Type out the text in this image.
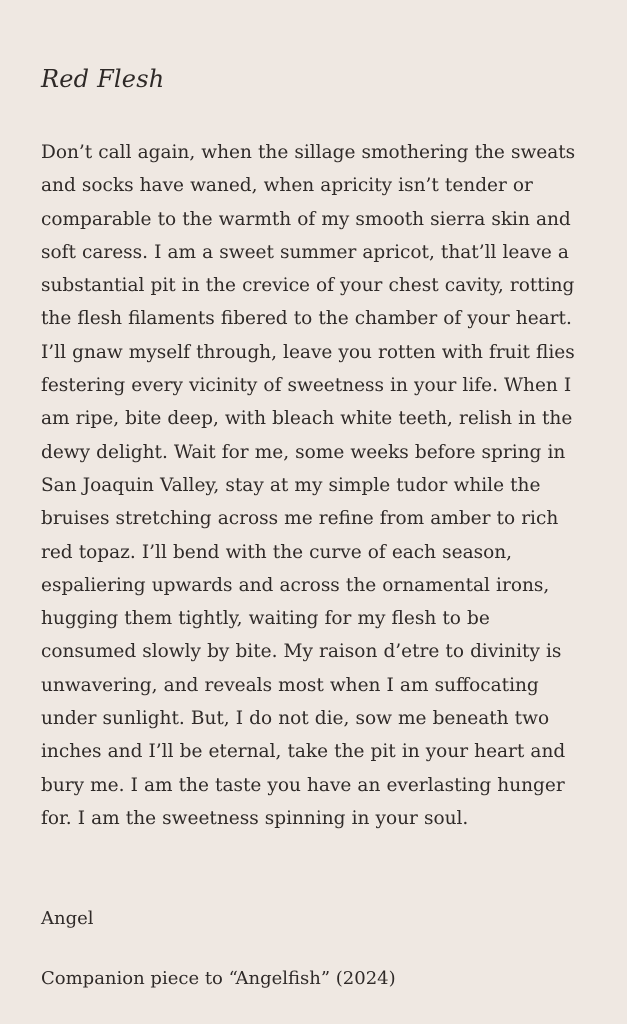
Red Flesh

Don’t call again, when the sillage smothering the sweats and socks have waned, when apricity isn’t tender or comparable to the warmth of my smooth sierra skin and soft caress. I am a sweet summer apricot, that’ll leave a substantial pit in the crevice of your chest cavity, rotting the flesh filaments fibered to the chamber of your heart. I’ll gnaw myself through, leave you rotten with fruit flies festering every vicinity of sweetness in your life. When I am ripe, bite deep, with bleach white teeth, relish in the dewy delight. Wait for me, some weeks before spring in San Joaquin Valley, stay at my simple tudor while the bruises stretching across me refine from amber to rich red topaz. I’ll bend with the curve of each season, espaliering upwards and across the ornamental irons, hugging them tightly, waiting for my flesh to be consumed slowly by bite. My raison d’etre to divinity is unwavering, and reveals most when I am suffocating under sunlight. But, I do not die, sow me beneath two inches and I’ll be eternal, take the pit in your heart and bury me. I am the taste you have an everlasting hunger for. I am the sweetness spinning in your soul.

Angel

Companion piece to “Angelfish” (2024)
